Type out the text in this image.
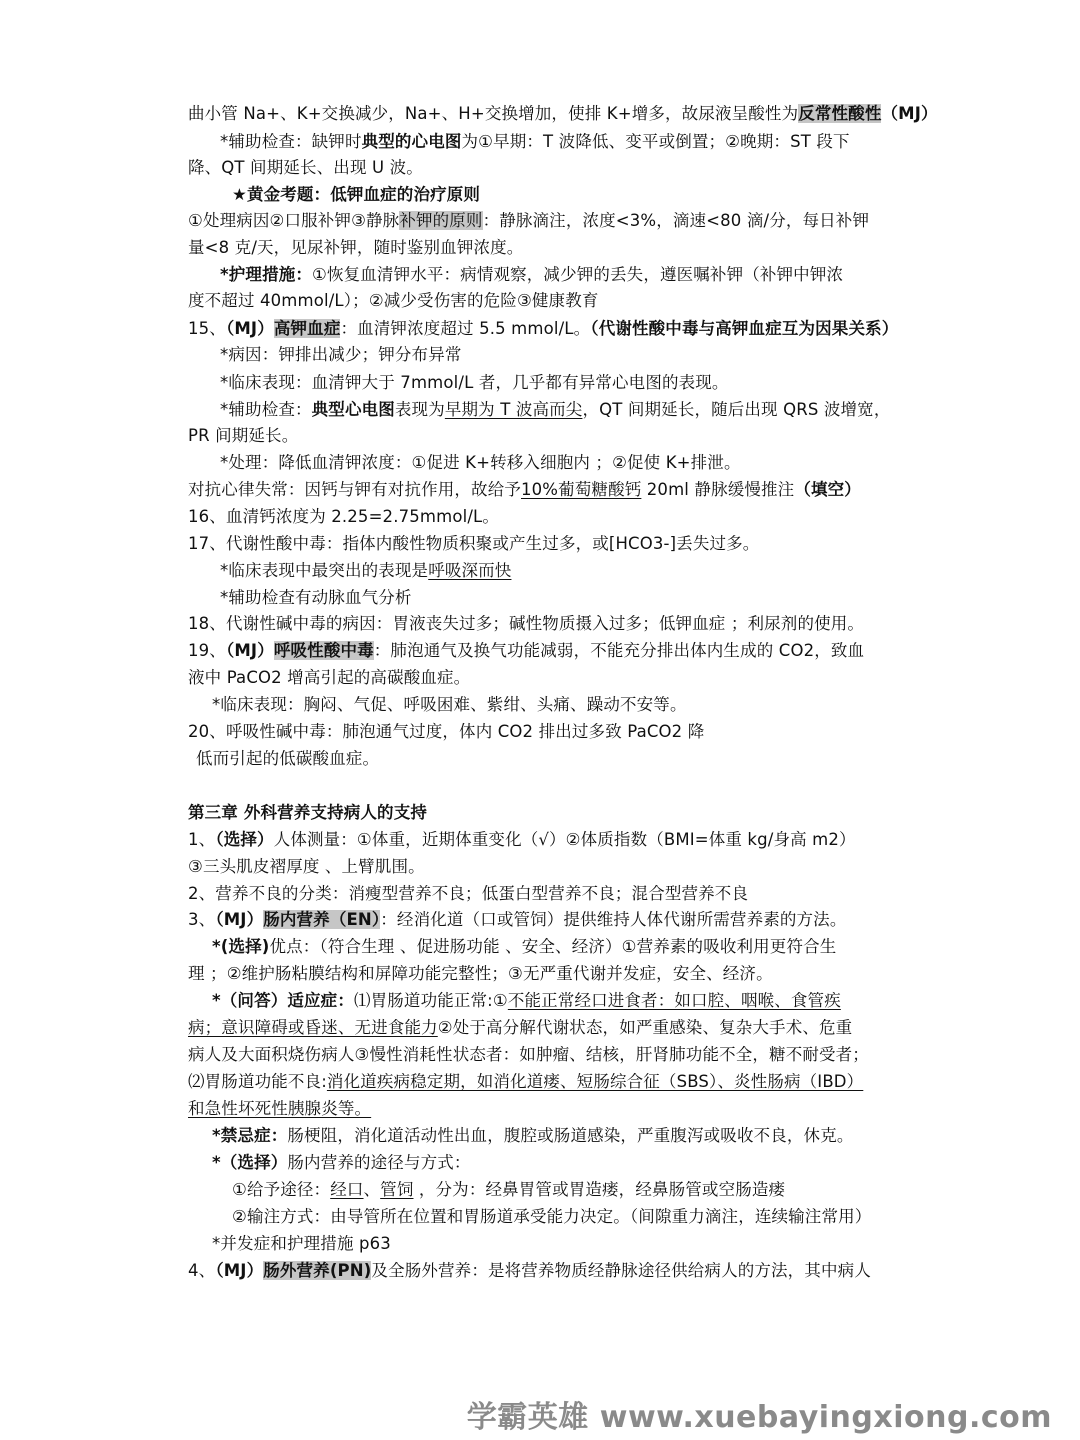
曲小管 Na+、K+交换减少，Na+、H+交换增加，使排 K+增多，故尿液呈酸性为反常性酸性（MJ）
*辅助检查：缺钾时典型的心电图为①早期：T 波降低、变平或倒置；②晚期：ST 段下
降、QT 间期延长、出现 U 波。
★黄金考题：低钾血症的治疗原则
①处理病因②口服补钾③静脉补钾的原则：静脉滴注，浓度<3%，滴速<80 滴/分，每日补钾
量<8 克/天，见尿补钾，随时鉴别血钾浓度。
*护理措施：①恢复血清钾水平：病情观察，减少钾的丢失，遵医嘱补钾（补钾中钾浓
度不超过 40mmol/L）；②减少受伤害的危险③健康教育
15、（MJ）高钾血症：血清钾浓度超过 5.5 mmol/L。（代谢性酸中毒与高钾血症互为因果关系）
*病因：钾排出减少；钾分布异常
*临床表现：血清钾大于 7mmol/L 者，几乎都有异常心电图的表现。
*辅助检查：典型心电图表现为早期为 T 波高而尖，QT 间期延长，随后出现 QRS 波增宽，
PR 间期延长。
*处理：降低血清钾浓度：①促进 K+转移入细胞内 ；②促使 K+排泄。
对抗心律失常：因钙与钾有对抗作用，故给予10%葡萄糖酸钙 20ml 静脉缓慢推注（填空）
16、血清钙浓度为 2.25=2.75mmol/L。
17、代谢性酸中毒：指体内酸性物质积聚或产生过多，或[HCO3-]丢失过多。
*临床表现中最突出的表现是呼吸深而快
*辅助检查有动脉血气分析
18、代谢性碱中毒的病因：胃液丧失过多；碱性物质摄入过多；低钾血症 ；利尿剂的使用。
19、（MJ）呼吸性酸中毒：肺泡通气及换气功能减弱，不能充分排出体内生成的 CO2，致血
液中 PaCO2 增高引起的高碳酸血症。
*临床表现：胸闷、气促、呼吸困难、紫绀、头痛、躁动不安等。
20、呼吸性碱中毒：肺泡通气过度，体内 CO2 排出过多致 PaCO2 降
低而引起的低碳酸血症。
第三章 外科营养支持病人的支持
1、（选择）人体测量：①体重，近期体重变化（√）②体质指数（BMI=体重 kg/身高 m2）
③三头肌皮褶厚度 、上臂肌围。
2、营养不良的分类：消瘦型营养不良；低蛋白型营养不良；混合型营养不良
3、（MJ）肠内营养（EN）：经消化道（口或管饲）提供维持人体代谢所需营养素的方法。
*(选择)优点：（符合生理 、促进肠功能 、安全、经济）①营养素的吸收利用更符合生
理 ；②维护肠粘膜结构和屏障功能完整性；③无严重代谢并发症，安全、经济。
*（问答）适应症：⑴胃肠道功能正常:①不能正常经口进食者：如口腔、咽喉、食管疾
病；意识障碍或昏迷、无进食能力②处于高分解代谢状态，如严重感染、复杂大手术、危重
病人及大面积烧伤病人③慢性消耗性状态者：如肿瘤、结核，肝肾肺功能不全，糖不耐受者；
⑵胃肠道功能不良:消化道疾病稳定期，如消化道瘘、短肠综合征（SBS）、炎性肠病（IBD）
和急性坏死性胰腺炎等。
*禁忌症：肠梗阻，消化道活动性出血，腹腔或肠道感染，严重腹泻或吸收不良，休克。
*（选择）肠内营养的途径与方式：
①给予途径：经口、管饲 ，分为：经鼻胃管或胃造瘘，经鼻肠管或空肠造瘘
②输注方式：由导管所在位置和胃肠道承受能力决定。（间隙重力滴注，连续输注常用）
*并发症和护理措施 p63
4、（MJ）肠外营养(PN)及全肠外营养：是将营养物质经静脉途径供给病人的方法，其中病人
学霸英雄 www.xuebayingxiong.com
